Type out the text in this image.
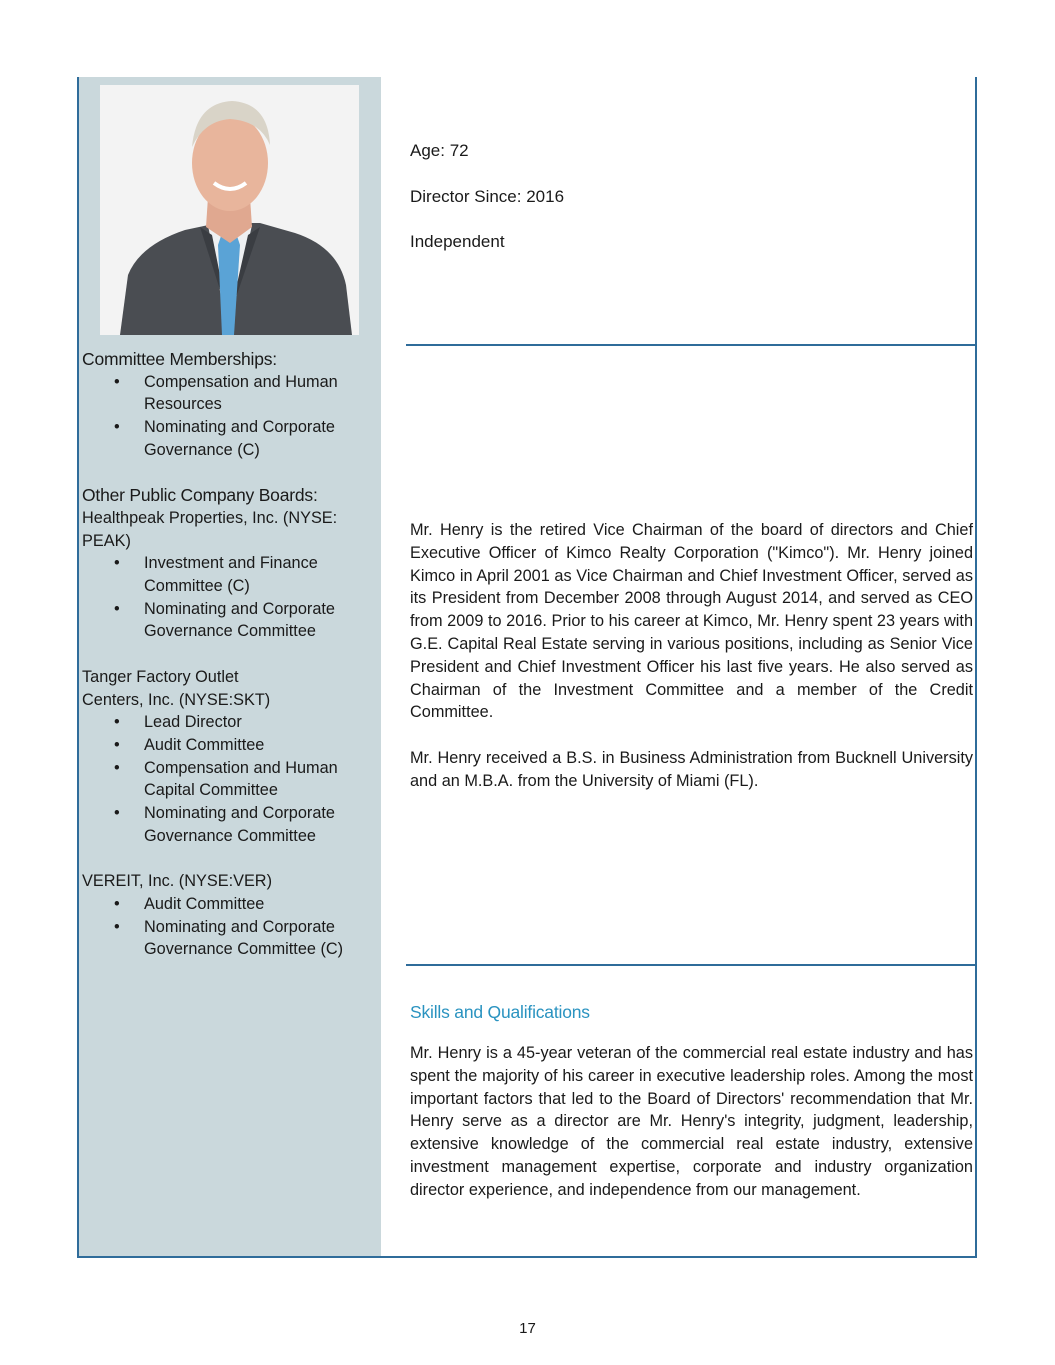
Committee Memberships:

• Compensation and Human Resources
• Nominating and Corporate Governance (C)

Other Public Company Boards:

Healthpeak Properties, Inc. (NYSE: PEAK)

• Investment and Finance Committee (C)
• Nominating and Corporate Governance Committee

Tanger Factory Outlet
Centers, Inc. (NYSE:SKT)

• Lead Director
• Audit Committee
• Compensation and Human Capital Committee
• Nominating and Corporate Governance Committee

VEREIT, Inc. (NYSE:VER)

• Audit Committee
• Nominating and Corporate Governance Committee (C)

Age: 72

Director Since: 2016

Independent

Mr. Henry is the retired Vice Chairman of the board of directors and Chief Executive Officer of Kimco Realty Corporation ("Kimco"). Mr. Henry joined Kimco in April 2001 as Vice Chairman and Chief Investment Officer, served as its President from December 2008 through August 2014, and served as CEO from 2009 to 2016. Prior to his career at Kimco, Mr. Henry spent 23 years with G.E. Capital Real Estate serving in various positions, including as Senior Vice President and Chief Investment Officer his last five years. He also served as Chairman of the Investment Committee and a member of the Credit Committee.

Mr. Henry received a B.S. in Business Administration from Bucknell University and an M.B.A. from the University of Miami (FL).

Skills and Qualifications

Mr. Henry is a 45-year veteran of the commercial real estate industry and has spent the majority of his career in executive leadership roles. Among the most important factors that led to the Board of Directors' recommendation that Mr. Henry serve as a director are Mr. Henry's integrity, judgment, leadership, extensive knowledge of the commercial real estate industry, extensive investment management expertise, corporate and industry organization director experience, and independence from our management.

17
